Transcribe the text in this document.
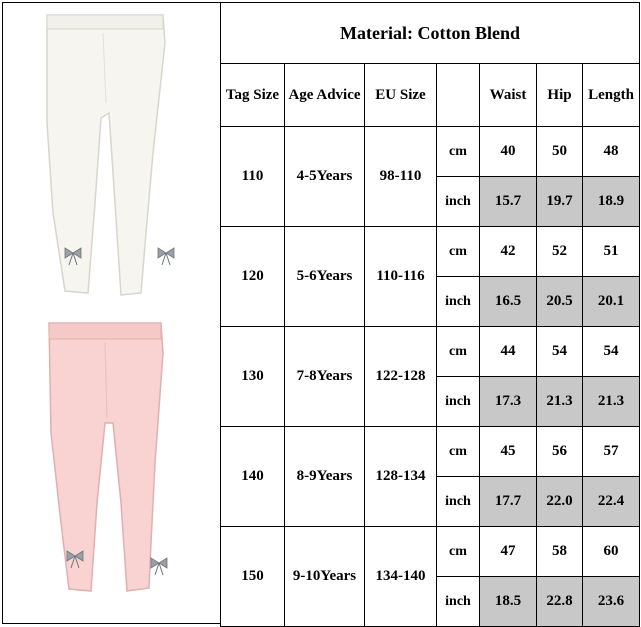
Material: Cotton Blend						
Tag Size	Age Advice	EU Size		Waist	Hip	Length
110	4-5Years	98-110	cm	40	50	48
			inch	15.7	19.7	18.9
120	5-6Years	110-116	cm	42	52	51
			inch	16.5	20.5	20.1
130	7-8Years	122-128	cm	44	54	54
			inch	17.3	21.3	21.3
140	8-9Years	128-134	cm	45	56	57
			inch	17.7	22.0	22.4
150	9-10Years	134-140	cm	47	58	60
			inch	18.5	22.8	23.6
